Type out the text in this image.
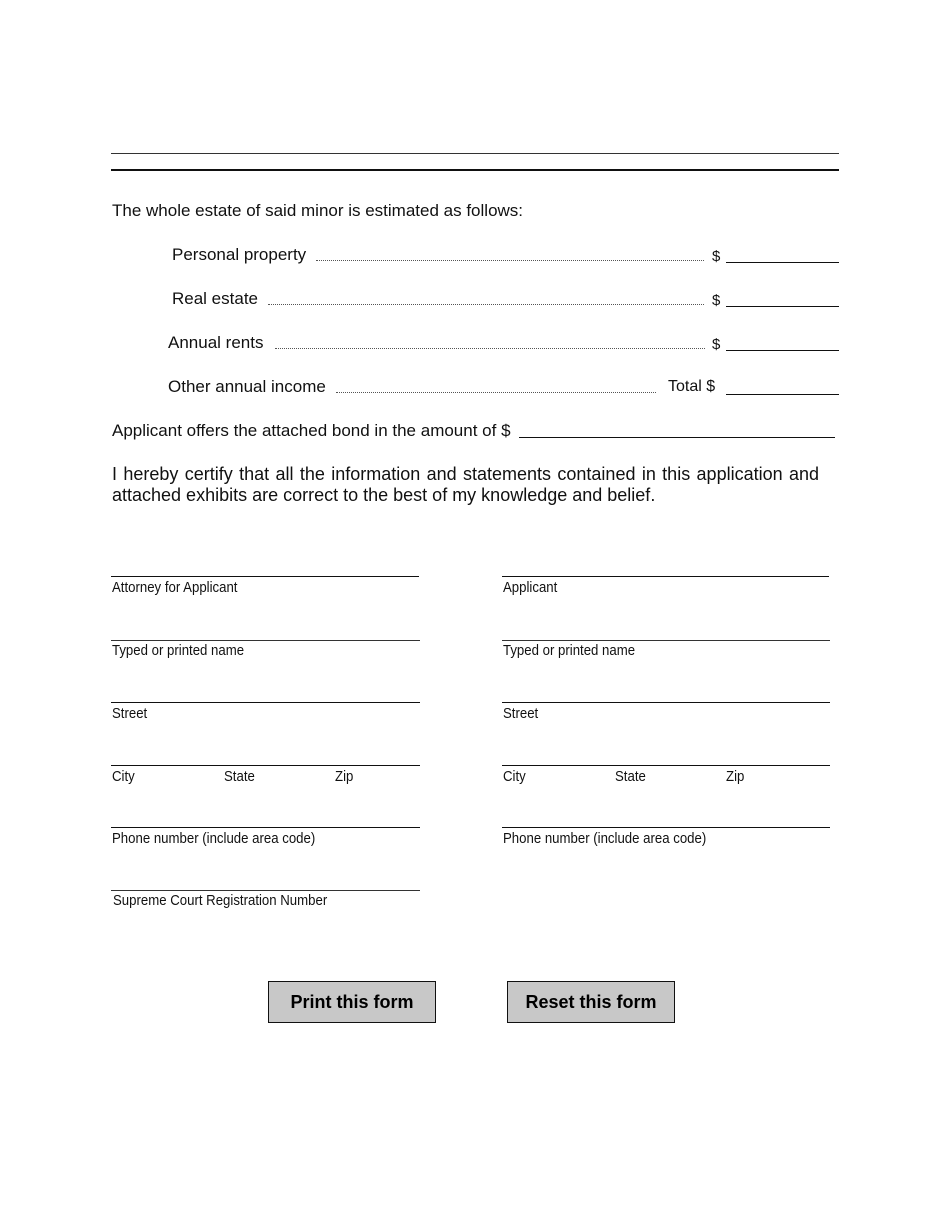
The whole estate of said minor is estimated as follows:
Personal property	$
Real estate	$
Annual rents	$
Other annual income	Total $
Applicant offers the attached bond in the amount of $
I hereby certify that all the information and statements contained in this application and attached exhibits are correct to the best of my knowledge and belief.
Attorney for Applicant
Typed or printed name
Street
City	State	Zip
Phone number (include area code)
Supreme Court Registration Number
Applicant
Typed or printed name
Street
City	State	Zip
Phone number (include area code)
Print this form	Reset this form
